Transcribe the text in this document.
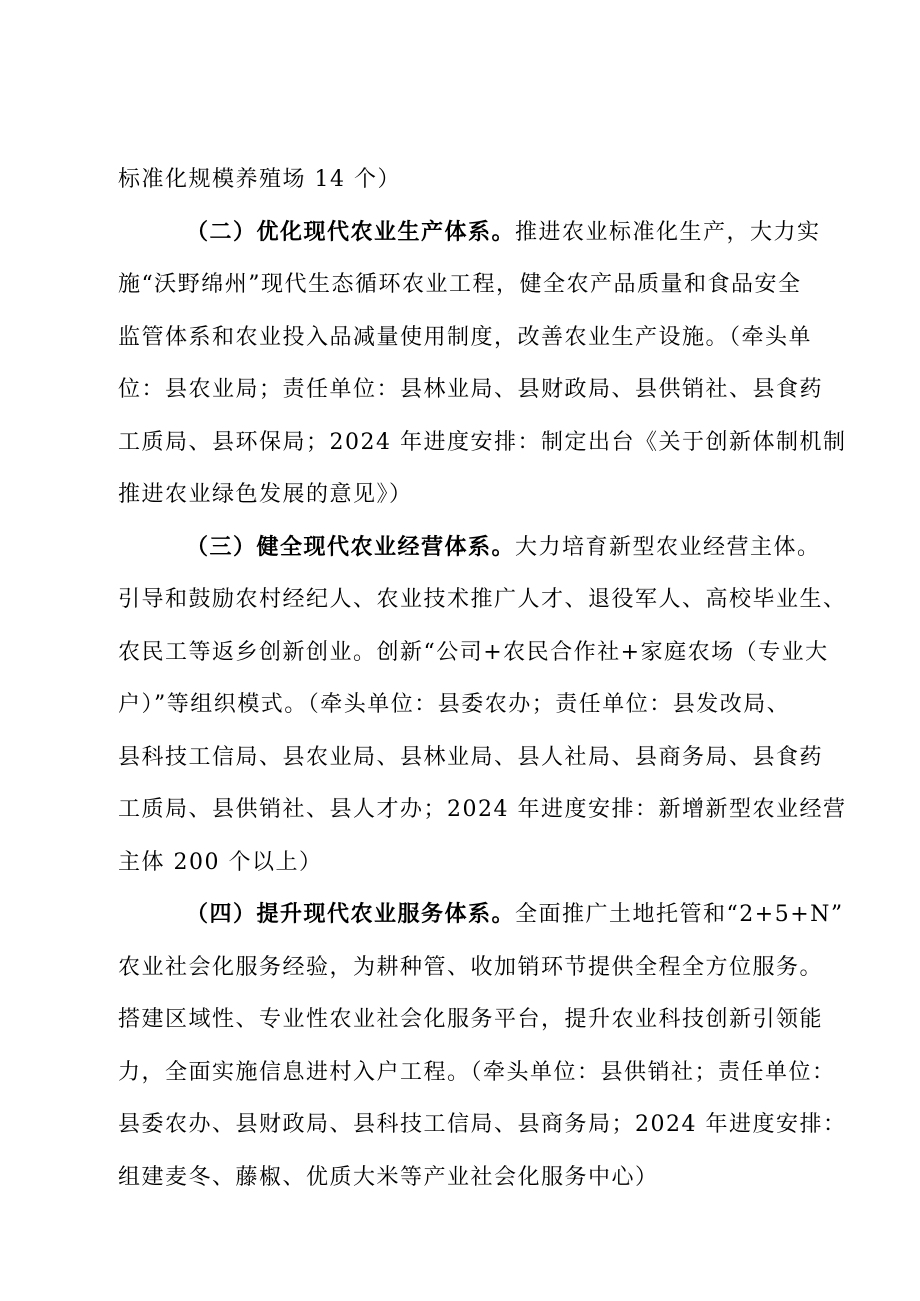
标准化规模养殖场 14 个）
（二）优化现代农业生产体系。推进农业标准化生产，大力实
施“沃野绵州”现代生态循环农业工程，健全农产品质量和食品安全
监管体系和农业投入品减量使用制度，改善农业生产设施。（牵头单
位：县农业局；责任单位：县林业局、县财政局、县供销社、县食药
工质局、县环保局；2024 年进度安排：制定出台《关于创新体制机制
推进农业绿色发展的意见》）
（三）健全现代农业经营体系。大力培育新型农业经营主体。
引导和鼓励农村经纪人、农业技术推广人才、退役军人、高校毕业生、
农民工等返乡创新创业。创新“公司+农民合作社+家庭农场（专业大
户）”等组织模式。（牵头单位：县委农办；责任单位：县发改局、
县科技工信局、县农业局、县林业局、县人社局、县商务局、县食药
工质局、县供销社、县人才办；2024 年进度安排：新增新型农业经营
主体 200 个以上）
（四）提升现代农业服务体系。全面推广土地托管和“2+5+N”
农业社会化服务经验，为耕种管、收加销环节提供全程全方位服务。
搭建区域性、专业性农业社会化服务平台，提升农业科技创新引领能
力，全面实施信息进村入户工程。（牵头单位：县供销社；责任单位：
县委农办、县财政局、县科技工信局、县商务局；2024 年进度安排：
组建麦冬、藤椒、优质大米等产业社会化服务中心）
